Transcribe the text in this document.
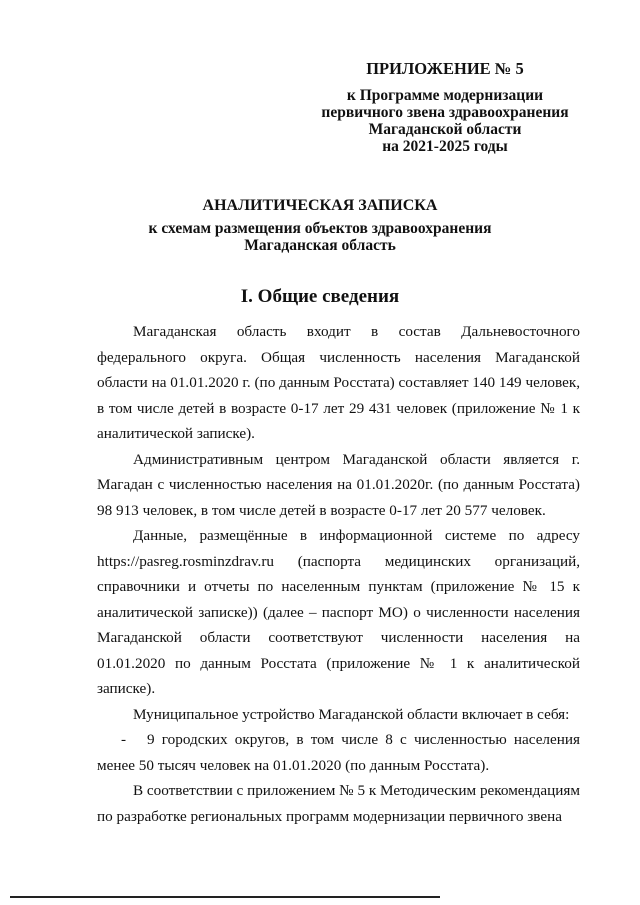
ПРИЛОЖЕНИЕ № 5
к Программе модернизации
первичного звена здравоохранения
Магаданской области
на 2021-2025 годы
АНАЛИТИЧЕСКАЯ ЗАПИСКА
к схемам размещения объектов здравоохранения
Магаданская область
I. Общие сведения

Магаданская область входит в состав Дальневосточного федерального округа. Общая численность населения Магаданской области на 01.01.2020 г. (по данным Росстата) составляет 140 149 человек, в том числе детей в возрасте 0-17 лет 29 431 человек (приложение № 1 к аналитической записке).

Административным центром Магаданской области является г. Магадан с численностью населения на 01.01.2020г. (по данным Росстата) 98 913 человек, в том числе детей в возрасте 0-17 лет 20 577 человек.

Данные, размещённые в информационной системе по адресу https://pasreg.rosminzdrav.ru (паспорта медицинских организаций, справочники и отчеты по населенным пунктам (приложение № 15 к аналитической записке)) (далее – паспорт МО) о численности населения Магаданской области соответствуют численности населения на 01.01.2020 по данным Росстата (приложение № 1 к аналитической записке).

Муниципальное устройство Магаданской области включает в себя:

- 9 городских округов, в том числе 8 с численностью населения менее 50 тысяч человек на 01.01.2020 (по данным Росстата).

В соответствии с приложением № 5 к Методическим рекомендациям по разработке региональных программ модернизации первичного звена
